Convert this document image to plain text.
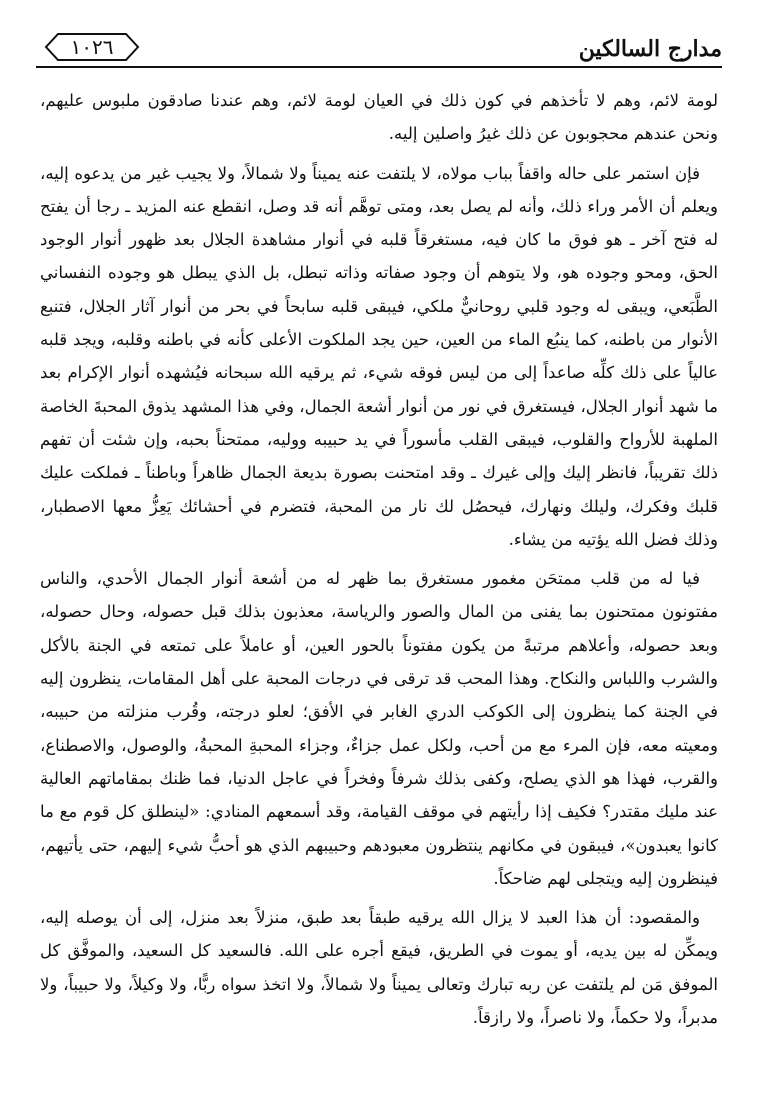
مدارج السالكين
١٠٢٦

لومة لائم، وهم لا تأخذهم في كون ذلك في العيان لومة لائم، وهم عندنا صادقون ملبوس عليهم، ونحن عندهم محجوبون عن ذلك غيرُ واصلين إليه.

فإن استمر على حاله واقفاً بباب مولاه، لا يلتفت عنه يميناً ولا شمالاً، ولا يجيب غير من يدعوه إليه، ويعلم أن الأمر وراء ذلك، وأنه لم يصل بعد، ومتى توهَّم أنه قد وصل، انقطع عنه المزيد ـ رجا أن يفتح له فتح آخر ـ هو فوق ما كان فيه، مستغرقاً قلبه في أنوار مشاهدة الجلال بعد ظهور أنوار الوجود الحق، ومحو وجوده هو، ولا يتوهم أن وجود صفاته وذاته تبطل، بل الذي يبطل هو وجوده النفساني الطَّبَعي، ويبقى له وجود قلبي روحانيٌّ ملكي، فيبقى قلبه سابحاً في بحر من أنوار آثار الجلال، فتنبع الأنوار من باطنه، كما ينبُع الماء من العين، حين يجد الملكوت الأعلى كأنه في باطنه وقلبه، ويجد قلبه عالياً على ذلك كلِّه صاعداً إلى من ليس فوقه شيء، ثم يرقيه الله سبحانه فيُشهده أنوار الإكرام بعد ما شهد أنوار الجلال، فيستغرق في نور من أنوار أشعة الجمال، وفي هذا المشهد يذوق المحبةَ الخاصة الملهبة للأرواح والقلوب، فيبقى القلب مأسوراً في يد حبيبه ووليه، ممتحناً بحبه، وإن شئت أن تفهم ذلك تقريباً، فانظر إليك وإلى غيرك ـ وقد امتحنت بصورة بديعة الجمال ظاهراً وباطناً ـ فملكت عليك قلبك وفكرك، وليلك ونهارك، فيحصُل لك نار من المحبة، فتضرم في أحشائك يَعِزُّ معها الاصطبار، وذلك فضل الله يؤتيه من يشاء.

فيا له من قلب ممتحَن مغمور مستغرق بما ظهر له من أشعة أنوار الجمال الأحدي، والناس مفتونون ممتحنون بما يفنى من المال والصور والرياسة، معذبون بذلك قبل حصوله، وحال حصوله، وبعد حصوله، وأعلاهم مرتبةً من يكون مفتوناً بالحور العين، أو عاملاً على تمتعه في الجنة بالأكل والشرب واللباس والنكاح. وهذا المحب قد ترقى في درجات المحبة على أهل المقامات، ينظرون إليه في الجنة كما ينظرون إلى الكوكب الدري الغابر في الأفق؛ لعلو درجته، وقُرب منزلته من حبيبه، ومعيته معه، فإن المرء مع من أحب، ولكل عمل جزاءٌ، وجزاء المحبةِ المحبةُ، والوصول، والاصطناع، والقرب، فهذا هو الذي يصلح، وكفى بذلك شرفاً وفخراً في عاجل الدنيا، فما ظنك بمقاماتهم العالية عند مليك مقتدر؟ فكيف إذا رأيتهم في موقف القيامة، وقد أسمعهم المنادي: «لينطلق كل قوم مع ما كانوا يعبدون»، فيبقون في مكانهم ينتظرون معبودهم وحبيبهم الذي هو أحبُّ شيء إليهم، حتى يأتيهم، فينظرون إليه ويتجلى لهم ضاحكاً.

والمقصود: أن هذا العبد لا يزال الله يرقيه طبقاً بعد طبق، منزلاً بعد منزل، إلى أن يوصله إليه، ويمكِّن له بين يديه، أو يموت في الطريق، فيقع أجره على الله. فالسعيد كل السعيد، والموفَّق كل الموفق مَن لم يلتفت عن ربه تبارك وتعالى يميناً ولا شمالاً، ولا اتخذ سواه ربًّا، ولا وكيلاً، ولا حبيباً، ولا مدبراً، ولا حكماً، ولا ناصراً، ولا رازقاً.
